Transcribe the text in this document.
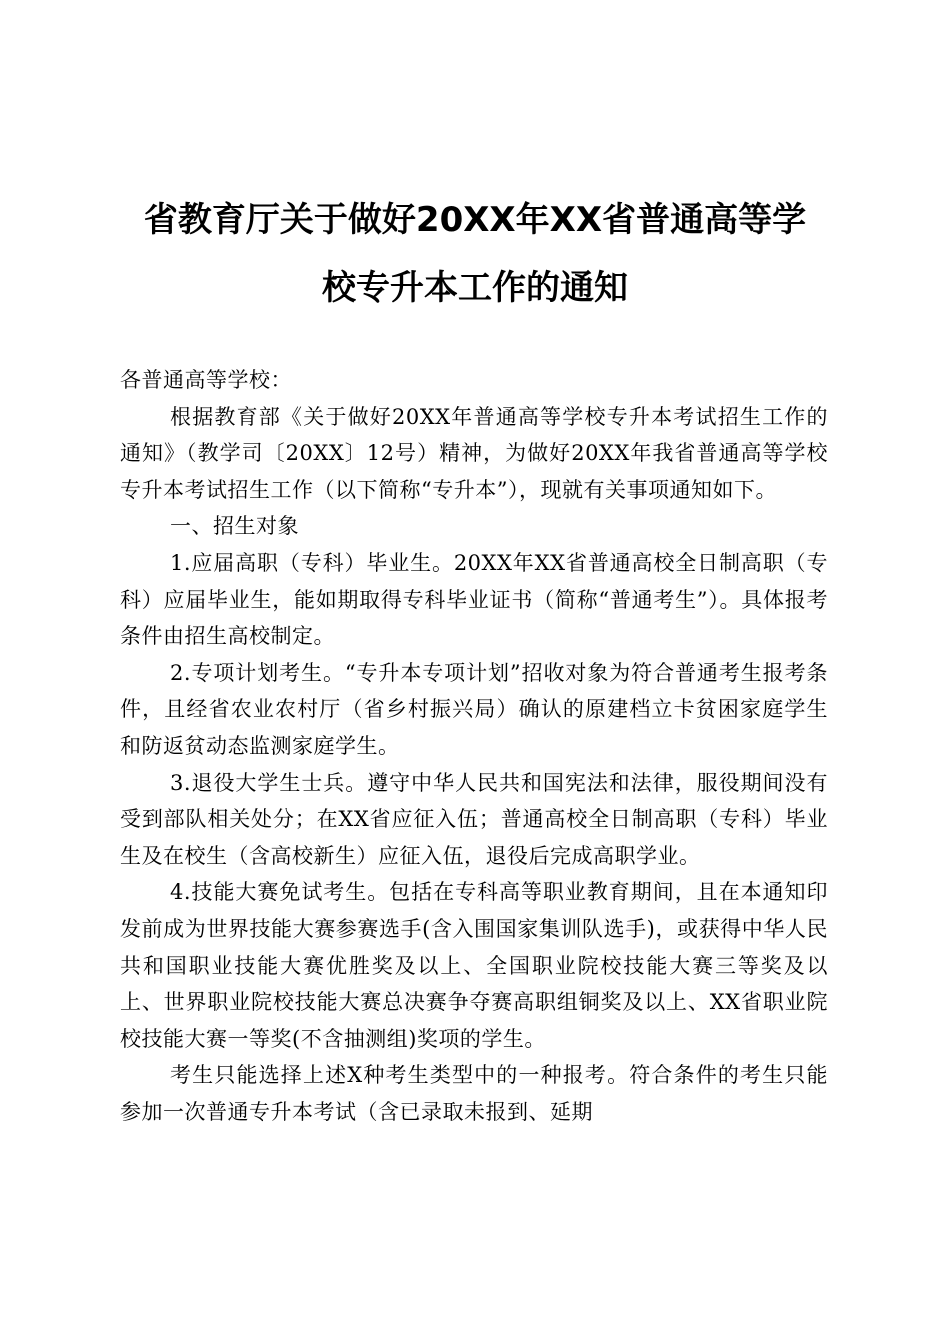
省教育厅关于做好20XX年XX省普通高等学
校专升本工作的通知

各普通高等学校：

根据教育部《关于做好20XX年普通高等学校专升本考试招生工作的通知》（教学司〔20XX〕12号）精神，为做好20XX年我省普通高等学校专升本考试招生工作（以下简称“专升本”），现就有关事项通知如下。

一、招生对象

1.应届高职（专科）毕业生。20XX年XX省普通高校全日制高职（专科）应届毕业生，能如期取得专科毕业证书（简称“普通考生”）。具体报考条件由招生高校制定。

2.专项计划考生。“专升本专项计划”招收对象为符合普通考生报考条件，且经省农业农村厅（省乡村振兴局）确认的原建档立卡贫困家庭学生和防返贫动态监测家庭学生。

3.退役大学生士兵。遵守中华人民共和国宪法和法律，服役期间没有受到部队相关处分；在XX省应征入伍；普通高校全日制高职（专科）毕业生及在校生（含高校新生）应征入伍，退役后完成高职学业。

4.技能大赛免试考生。包括在专科高等职业教育期间，且在本通知印发前成为世界技能大赛参赛选手(含入围国家集训队选手)，或获得中华人民共和国职业技能大赛优胜奖及以上、全国职业院校技能大赛三等奖及以上、世界职业院校技能大赛总决赛争夺赛高职组铜奖及以上、XX省职业院校技能大赛一等奖(不含抽测组)奖项的学生。

考生只能选择上述X种考生类型中的一种报考。符合条件的考生只能参加一次普通专升本考试（含已录取未报到、延期
